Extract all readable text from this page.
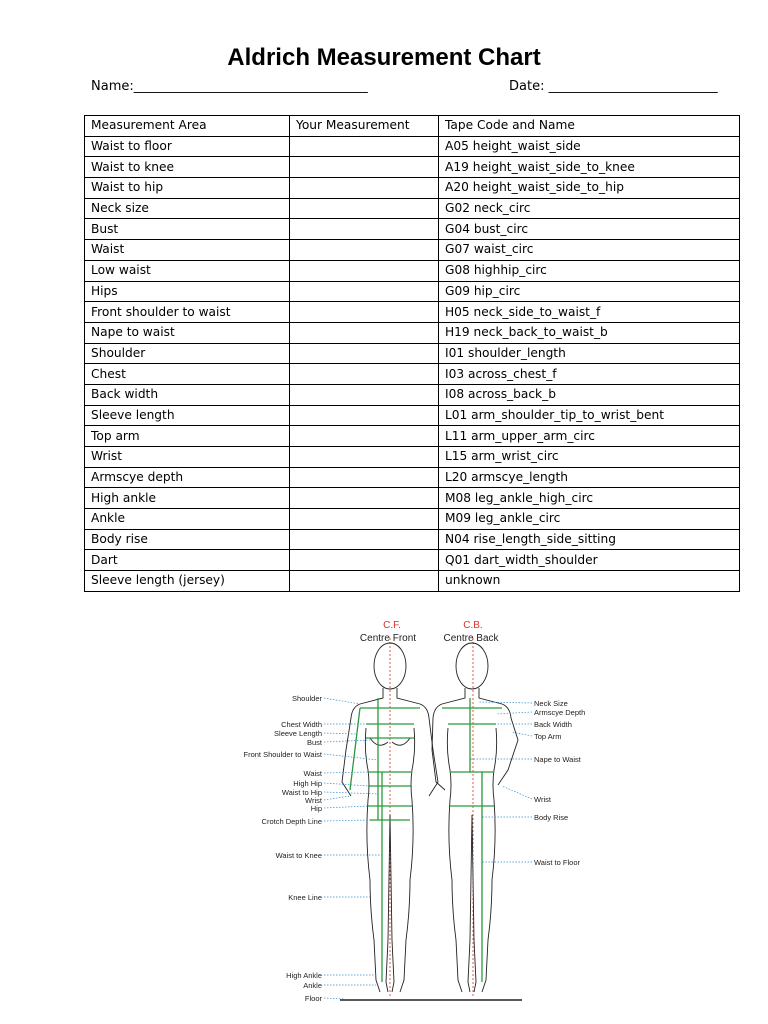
Aldrich Measurement Chart
Name:____________________________________	Date: __________________________
Measurement Area	Your Measurement	Tape Code and Name
Waist to floor		A05 height_waist_side
Waist to knee		A19 height_waist_side_to_knee
Waist to hip		A20 height_waist_side_to_hip
Neck size		G02 neck_circ
Bust		G04 bust_circ
Waist		G07 waist_circ
Low waist		G08 highhip_circ
Hips		G09 hip_circ
Front shoulder to waist		H05 neck_side_to_waist_f
Nape to waist		H19 neck_back_to_waist_b
Shoulder		I01 shoulder_length
Chest		I03 across_chest_f
Back width		I08 across_back_b
Sleeve length		L01 arm_shoulder_tip_to_wrist_bent
Top arm		L11 arm_upper_arm_circ
Wrist		L15 arm_wrist_circ
Armscye depth		L20 armscye_length
High ankle		M08 leg_ankle_high_circ
Ankle		M09 leg_ankle_circ
Body rise		N04 rise_length_side_sitting
Dart		Q01 dart_width_shoulder
Sleeve length (jersey)		unknown
C.F.
Centre Front
C.B.
Centre Back
Shoulder
Chest Width
Sleeve Length
Bust
Front Shoulder to Waist
Waist
High Hip
Waist to Hip
Wrist
Hip
Crotch Depth Line
Waist to Knee
Knee Line
High Ankle
Ankle
Floor
Neck Size
Armscye Depth
Back Width
Top Arm
Nape to Waist
Wrist
Body Rise
Waist to Floor
